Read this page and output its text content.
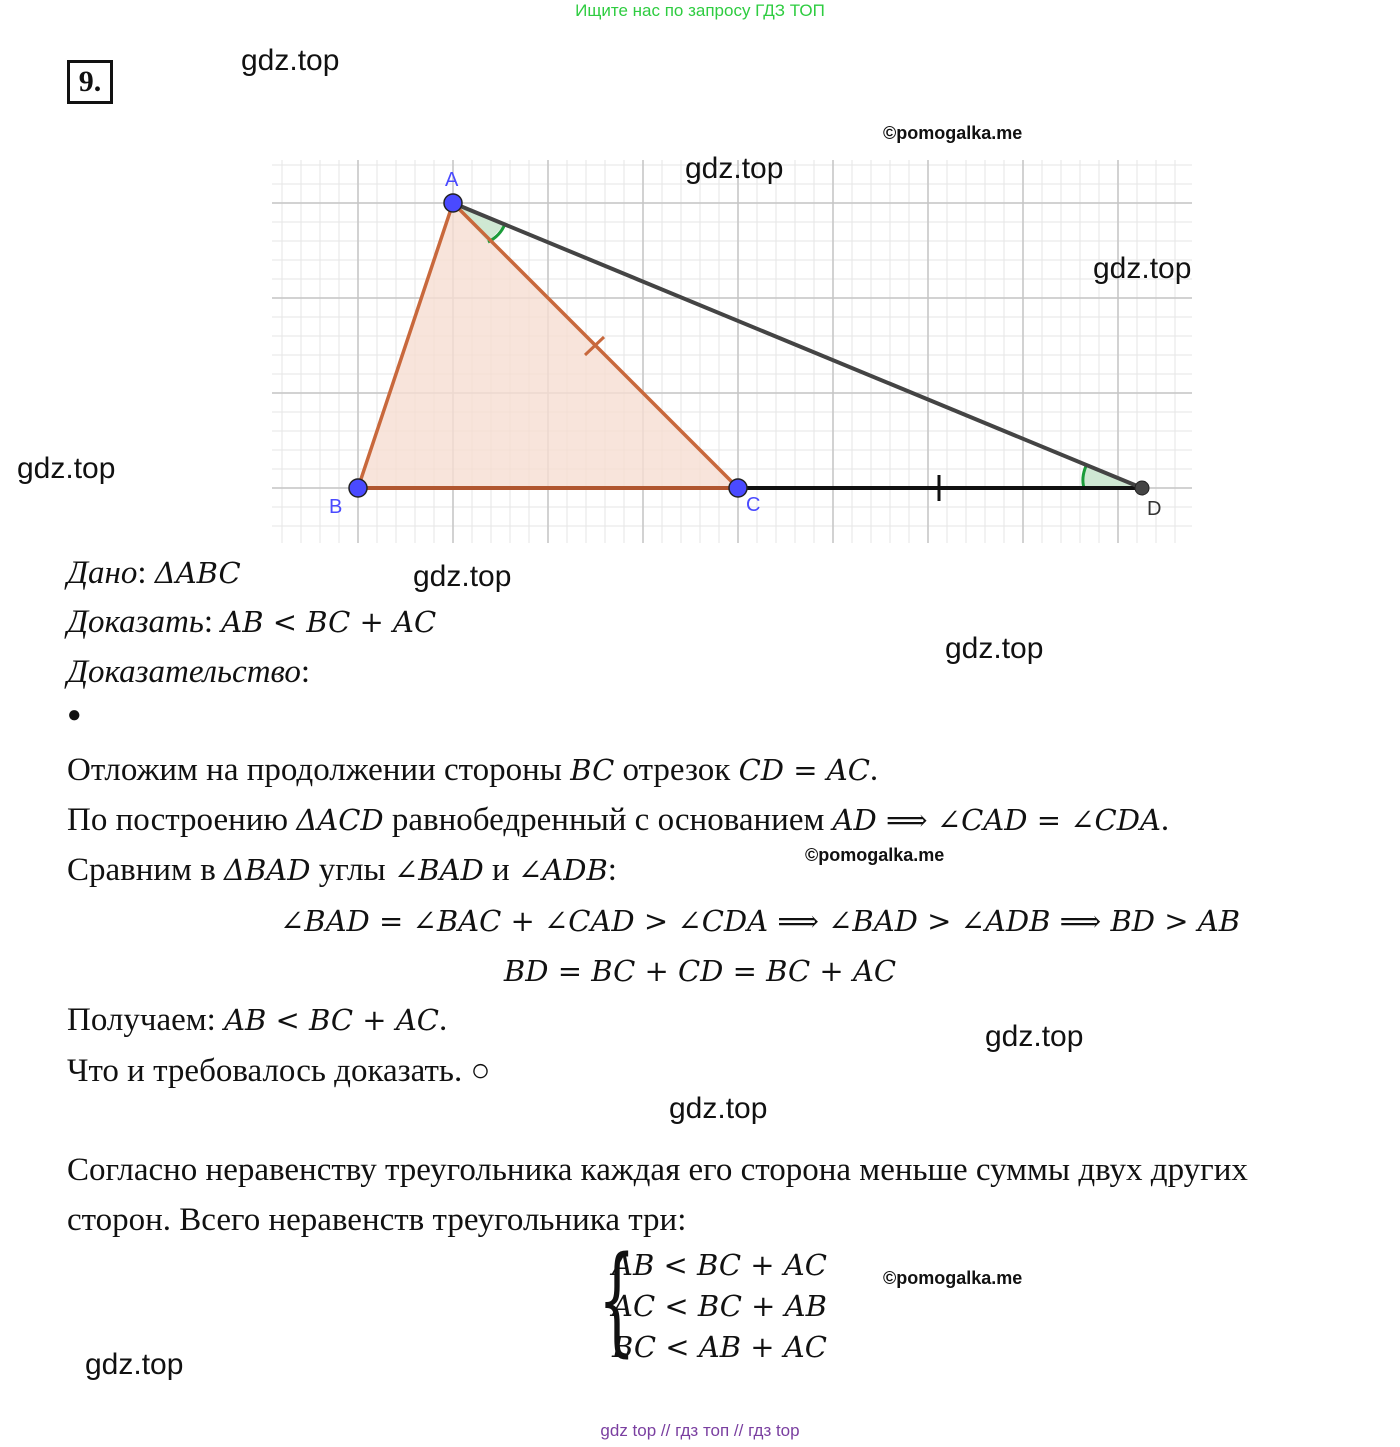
Ищите нас по запросу ГДЗ ТОП
9.
A
B	C	D
Дано: ΔABC
Доказать: AB < BC + AC
Доказательство:
●
Отложим на продолжении стороны BC отрезок CD = AC.
По построению ΔACD равнобедренный с основанием AD ⟹ ∠CAD = ∠CDA.
Сравним в ΔBAD углы ∠BAD и ∠ADB:
∠BAD = ∠BAC + ∠CAD > ∠CDA ⟹ ∠BAD > ∠ADB ⟹ BD > AB
BD = BC + CD = BC + AC
Получаем: AB < BC + AC.
Что и требовалось доказать. ○
Согласно неравенству треугольника каждая его сторона меньше суммы двух других
сторон. Всего неравенств треугольника три:
{
AB < BC + AC
AC < BC + AB
BC < AB + AC
gdz.top
gdz.top
gdz.top
gdz.top
gdz.top
gdz.top
gdz.top
gdz.top
gdz.top
©pomogalka.me
©pomogalka.me
©pomogalka.me
gdz top // гдз топ // гдз top
